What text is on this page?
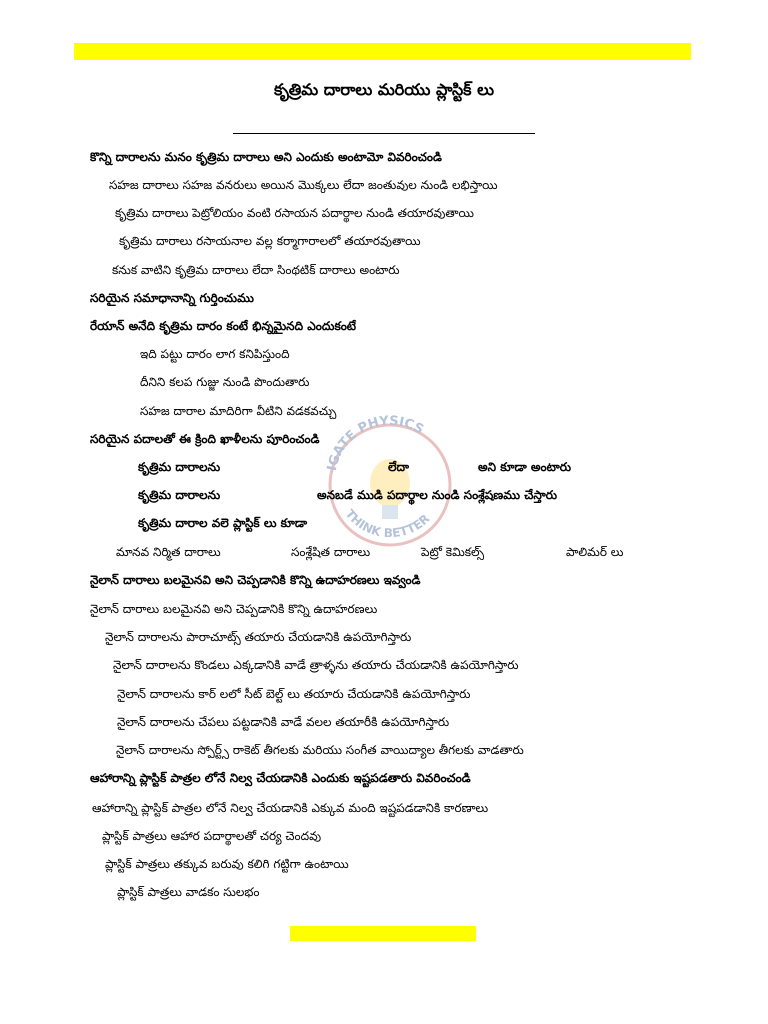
కృత్రిమ దారాలు మరియు ప్లాస్టిక్ లు
IGATE PHYSICS
THINK BETTER
కొన్ని దారాలను మనం కృత్రిమ దారాలు అని ఎందుకు అంటామో వివరించండి
సహజ దారాలు సహజ వనరులు అయిన మొక్కలు లేదా జంతువుల నుండి లభిస్తాయి
కృత్రిమ దారాలు పెట్రోలియం వంటి రసాయన పదార్థాల నుండి తయారవుతాయి
కృత్రిమ దారాలు రసాయనాల వల్ల కర్మాగారాలలో తయారవుతాయి
కనుక వాటిని కృత్రిమ దారాలు లేదా సింథటిక్ దారాలు అంటారు
సరియైన సమాధానాన్ని గుర్తించుము
రేయాన్ అనేది కృత్రిమ దారం కంటే భిన్నమైనది ఎందుకంటే
ఇది పట్టు దారం లాగ కనిపిస్తుంది
దీనిని కలప గుజ్జు నుండి పొందుతారు
సహజ దారాల మాదిరిగా వీటిని వడకవచ్చు
సరియైన పదాలతో ఈ క్రింది ఖాళీలను పూరించండి
కృత్రిమ దారాలను	లేదా	అని కూడా అంటారు
కృత్రిమ దారాలను	అనబడే ముడి పదార్థాల నుండి సంశ్లేషణము చేస్తారు
కృత్రిమ దారాల వలె ప్లాస్టిక్ లు కూడా
మానవ నిర్మిత దారాలు	సంశ్లేషిత దారాలు	పెట్రో కెమికల్స్	పాలిమర్ లు
నైలాన్ దారాలు బలమైనవి అని చెప్పడానికి కొన్ని ఉదాహరణలు ఇవ్వండి
నైలాన్ దారాలు బలమైనవి అని చెప్పడానికి కొన్ని ఉదాహరణలు
నైలాన్ దారాలను పారాచూట్స్ తయారు చేయడానికి ఉపయోగిస్తారు
నైలాన్ దారాలను కొండలు ఎక్కడానికి వాడే త్రాళ్ళను తయారు చేయడానికి ఉపయోగిస్తారు
నైలాన్ దారాలను కార్ లలో సీట్ బెల్ట్ లు తయారు చేయడానికి ఉపయోగిస్తారు
నైలాన్ దారాలను చేపలు పట్టడానికి వాడే వలల తయారీకి ఉపయోగిస్తారు
నైలాన్ దారాలను స్పోర్ట్స్ రాకెట్ తీగలకు మరియు సంగీత వాయిద్యాల తీగలకు వాడతారు
ఆహారాన్ని ప్లాస్టిక్ పాత్రల లోనే నిల్వ చేయడానికి ఎందుకు ఇష్టపడతారు వివరించండి
ఆహారాన్ని ప్లాస్టిక్ పాత్రల లోనే నిల్వ చేయడానికి ఎక్కువ మంది ఇష్టపడడానికి కారణాలు
ప్లాస్టిక్ పాత్రలు ఆహార పదార్థాలతో చర్య చెందవు
ప్లాస్టిక్ పాత్రలు తక్కువ బరువు కలిగి గట్టిగా ఉంటాయి
ప్లాస్టిక్ పాత్రలు వాడకం సులభం
